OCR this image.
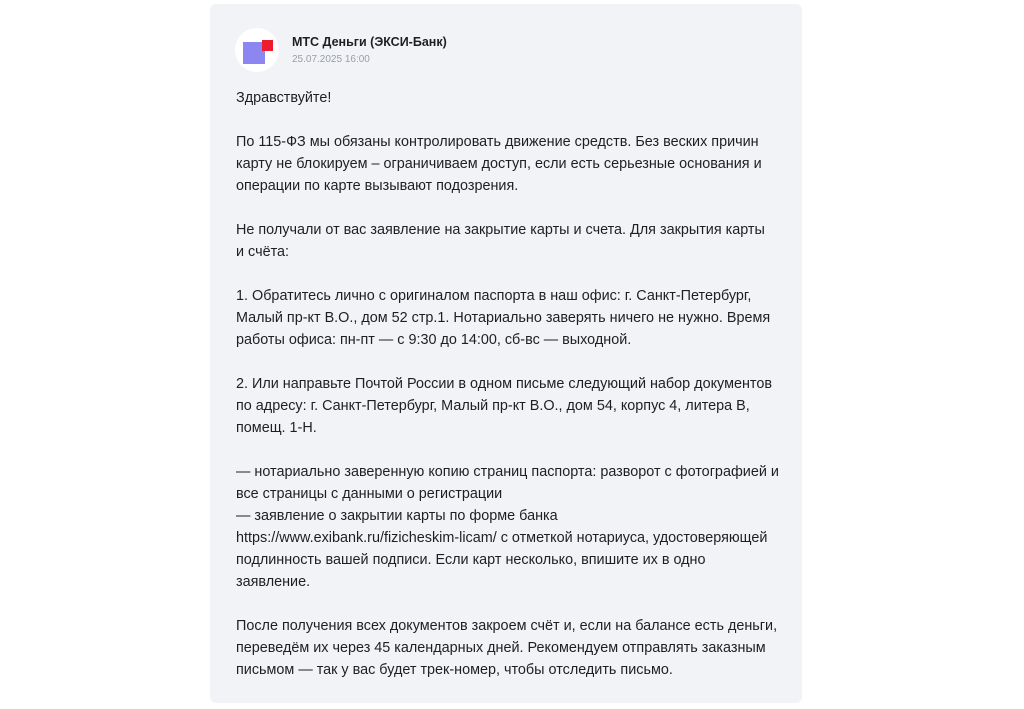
МТС Деньги (ЭКСИ-Банк)
25.07.2025 16:00

Здравствуйте!

По 115-ФЗ мы обязаны контролировать движение средств. Без веских причин
карту не блокируем – ограничиваем доступ, если есть серьезные основания и
операции по карте вызывают подозрения.

Не получали от вас заявление на закрытие карты и счета. Для закрытия карты
и счёта:

1. Обратитесь лично с оригиналом паспорта в наш офис: г. Санкт-Петербург,
Малый пр-кт В.О., дом 52 стр.1. Нотариально заверять ничего не нужно. Время
работы офиса: пн-пт — с 9:30 до 14:00, сб-вс — выходной.

2. Или направьте Почтой России в одном письме следующий набор документов
по адресу: г. Санкт-Петербург, Малый пр-кт В.О., дом 54, корпус 4, литера В,
помещ. 1-Н.

— нотариально заверенную копию страниц паспорта: разворот с фотографией и
все страницы с данными о регистрации
— заявление о закрытии карты по форме банка
https://www.exibank.ru/fizicheskim-licam/ с отметкой нотариуса, удостоверяющей
подлинность вашей подписи. Если карт несколько, впишите их в одно
заявление.

После получения всех документов закроем счёт и, если на балансе есть деньги,
переведём их через 45 календарных дней. Рекомендуем отправлять заказным
письмом — так у вас будет трек-номер, чтобы отследить письмо.
